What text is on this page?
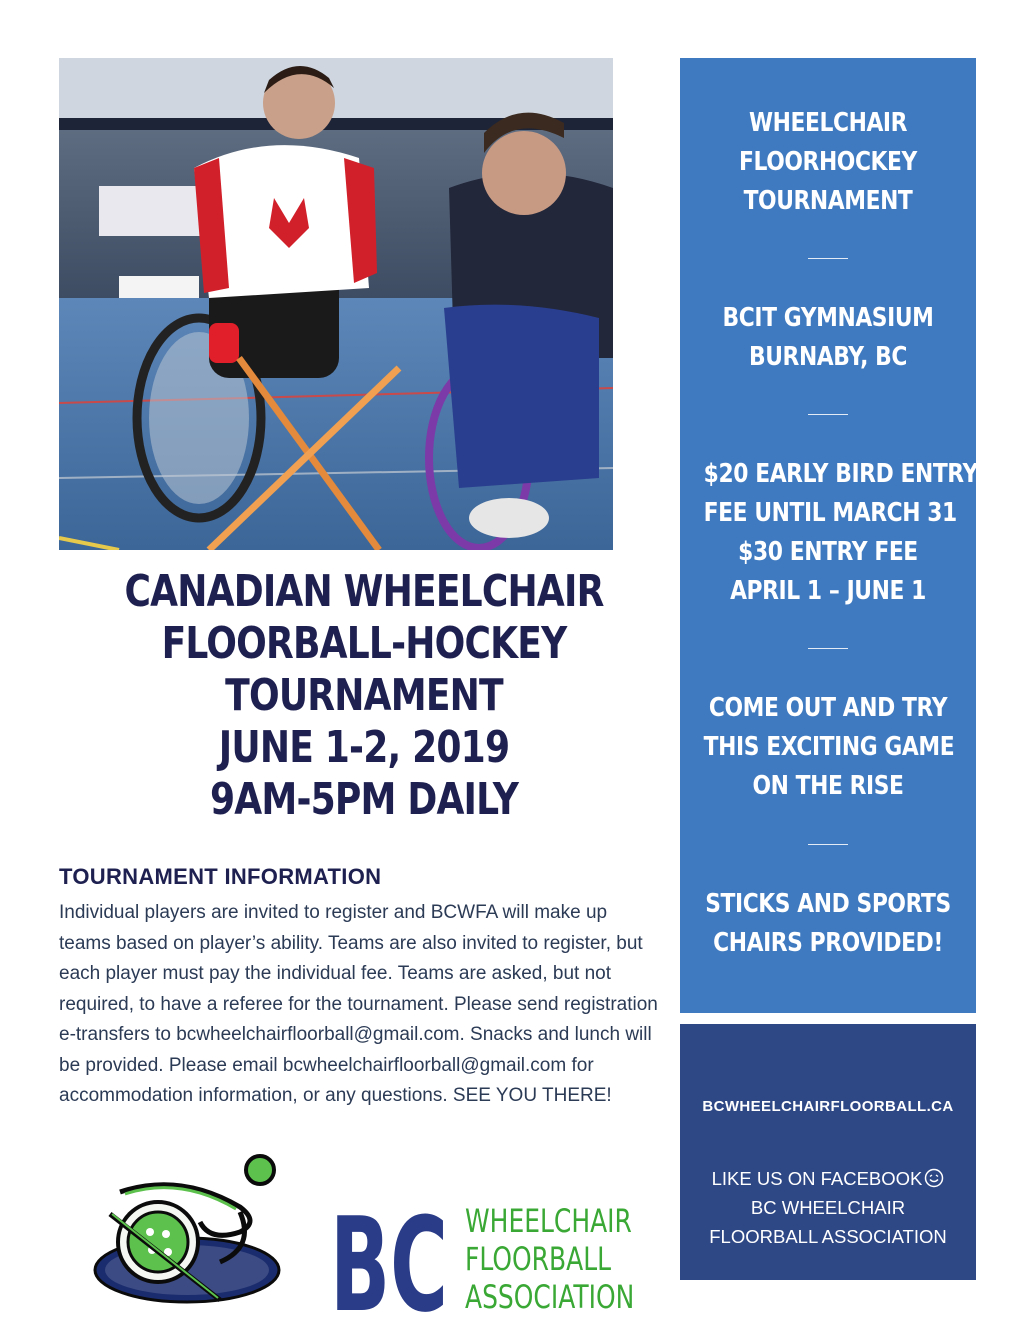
CANADIAN WHEELCHAIR
FLOORBALL-HOCKEY
TOURNAMENT
JUNE 1-2, 2019
9AM-5PM DAILY
TOURNAMENT INFORMATION
Individual players are invited to register and BCWFA will make up teams based on player’s ability. Teams are also invited to register, but each player must pay the individual fee. Teams are asked, but not required, to have a referee for the tournament. Please send registration e-transfers to bcwheelchairfloorball@gmail.com. Snacks and lunch will be provided. Please email bcwheelchairfloorball@gmail.com for accommodation information, or any questions. SEE YOU THERE!
WHEELCHAIR
FLOORHOCKEY
TOURNAMENT
BCIT GYMNASIUM
BURNABY, BC
$20 EARLY BIRD ENTRY
FEE UNTIL MARCH 31
$30 ENTRY FEE
APRIL 1 – JUNE 1
COME OUT AND TRY
THIS EXCITING GAME
ON THE RISE
STICKS AND SPORTS
CHAIRS PROVIDED!
BCWHEELCHAIRFLOORBALL.CA
LIKE US ON FACEBOOK
BC WHEELCHAIR
FLOORBALL ASSOCIATION
BC WHEELCHAIR
FLOORBALL
ASSOCIATION
